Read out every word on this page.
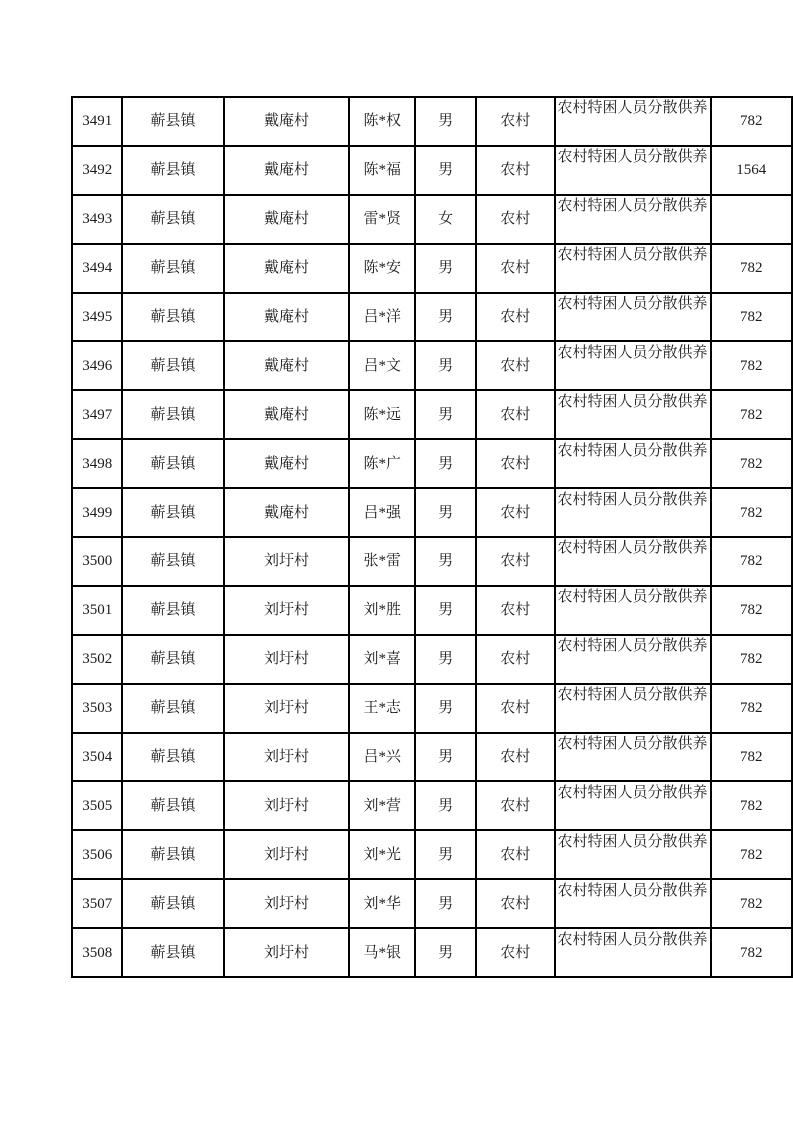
3491	蕲县镇	戴庵村	陈*权	男	农村	农村特困人员分散供养	782
3492	蕲县镇	戴庵村	陈*福	男	农村	农村特困人员分散供养	1564
3493	蕲县镇	戴庵村	雷*贤	女	农村	农村特困人员分散供养	

3494	蕲县镇	戴庵村	陈*安	男	农村	农村特困人员分散供养	782
3495	蕲县镇	戴庵村	吕*洋	男	农村	农村特困人员分散供养	782
3496	蕲县镇	戴庵村	吕*文	男	农村	农村特困人员分散供养	782
3497	蕲县镇	戴庵村	陈*远	男	农村	农村特困人员分散供养	782
3498	蕲县镇	戴庵村	陈*广	男	农村	农村特困人员分散供养	782
3499	蕲县镇	戴庵村	吕*强	男	农村	农村特困人员分散供养	782
3500	蕲县镇	刘圩村	张*雷	男	农村	农村特困人员分散供养	782
3501	蕲县镇	刘圩村	刘*胜	男	农村	农村特困人员分散供养	782
3502	蕲县镇	刘圩村	刘*喜	男	农村	农村特困人员分散供养	782
3503	蕲县镇	刘圩村	王*志	男	农村	农村特困人员分散供养	782
3504	蕲县镇	刘圩村	吕*兴	男	农村	农村特困人员分散供养	782
3505	蕲县镇	刘圩村	刘*营	男	农村	农村特困人员分散供养	782
3506	蕲县镇	刘圩村	刘*光	男	农村	农村特困人员分散供养	782
3507	蕲县镇	刘圩村	刘*华	男	农村	农村特困人员分散供养	782
3508	蕲县镇	刘圩村	马*银	男	农村	农村特困人员分散供养	782
